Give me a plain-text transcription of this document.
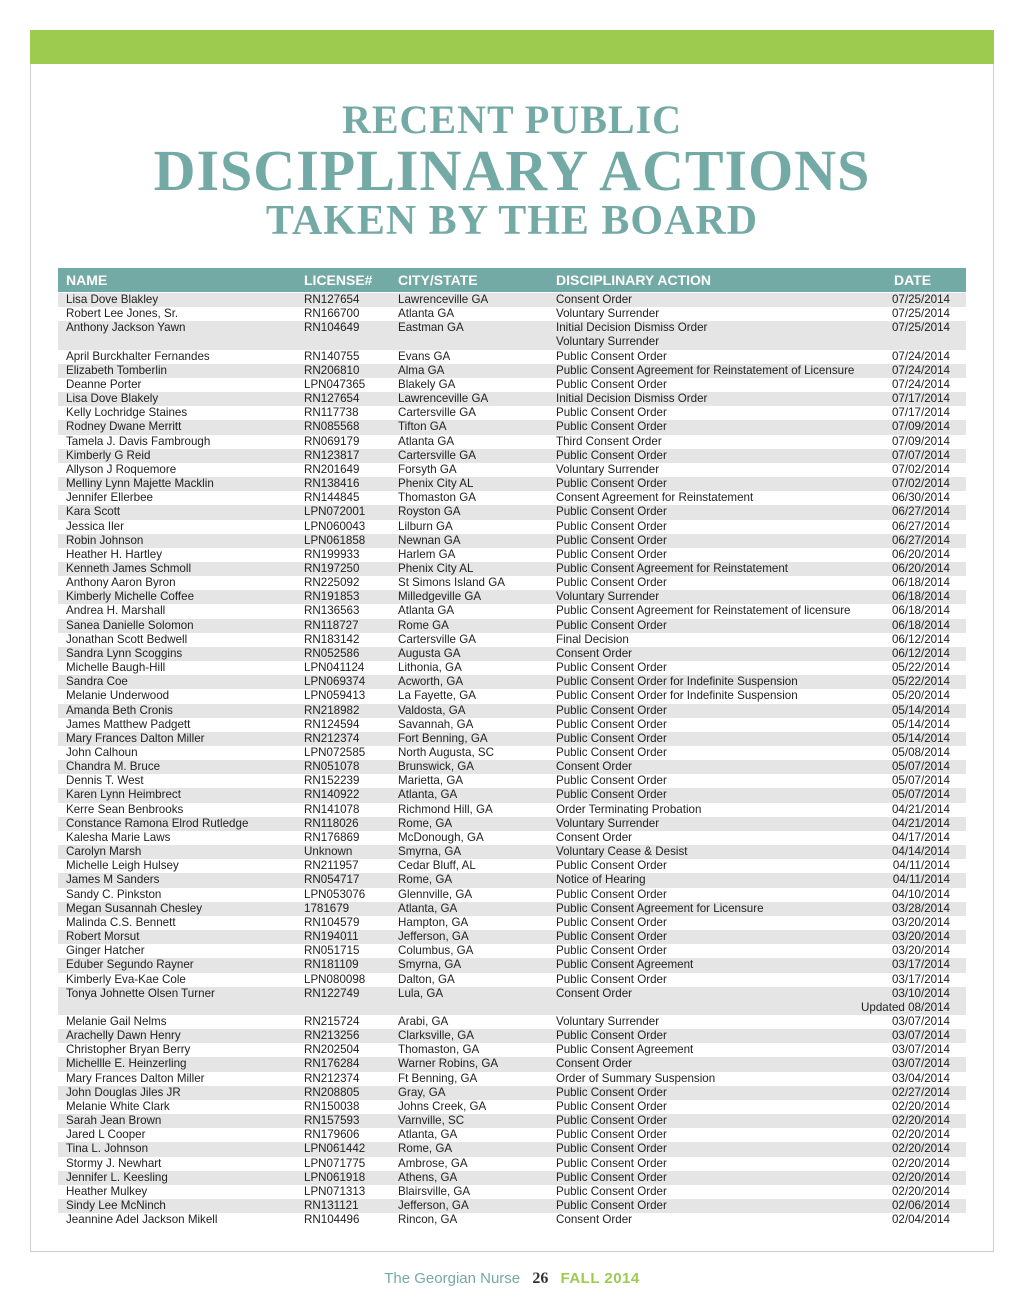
RECENT PUBLIC
DISCIPLINARY ACTIONS
TAKEN BY THE BOARD
NAME	LICENSE# CITY/STATE	DISCIPLINARY ACTION	DATE
Lisa Dove Blakley	RN127654	Lawrenceville GA	Consent Order	07/25/2014
Robert Lee Jones, Sr.	RN166700	Atlanta GA	Voluntary Surrender	07/25/2014
Anthony Jackson Yawn	RN104649	Eastman GA	Initial Decision Dismiss Order	07/25/2014
Voluntary Surrender
April Burckhalter Fernandes	RN140755	Evans GA	Public Consent Order	07/24/2014
Elizabeth Tomberlin	RN206810	Alma GA	Public Consent Agreement for Reinstatement of Licensure	07/24/2014
Deanne Porter	LPN047365	Blakely GA	Public Consent Order	07/24/2014
Lisa Dove Blakely	RN127654	Lawrenceville GA	Initial Decision Dismiss Order	07/17/2014
Kelly Lochridge Staines	RN117738	Cartersville GA	Public Consent Order	07/17/2014
Rodney Dwane Merritt	RN085568	Tifton GA	Public Consent Order	07/09/2014
Tamela J. Davis Fambrough	RN069179	Atlanta GA	Third Consent Order	07/09/2014
Kimberly G Reid	RN123817	Cartersville GA	Public Consent Order	07/07/2014
Allyson J Roquemore	RN201649	Forsyth GA	Voluntary Surrender	07/02/2014
Melliny Lynn Majette Macklin	RN138416	Phenix City AL	Public Consent Order	07/02/2014
Jennifer Ellerbee	RN144845	Thomaston GA	Consent Agreement for Reinstatement	06/30/2014
Kara Scott	LPN072001	Royston GA	Public Consent Order	06/27/2014
Jessica Iler	LPN060043	Lilburn GA	Public Consent Order	06/27/2014
Robin Johnson	LPN061858	Newnan GA	Public Consent Order	06/27/2014
Heather H. Hartley	RN199933	Harlem GA	Public Consent Order	06/20/2014
Kenneth James Schmoll	RN197250	Phenix City AL	Public Consent Agreement for Reinstatement	06/20/2014
Anthony Aaron Byron	RN225092	St Simons Island GA	Public Consent Order	06/18/2014
Kimberly Michelle Coffee	RN191853	Milledgeville GA	Voluntary Surrender	06/18/2014
Andrea H. Marshall	RN136563	Atlanta GA	Public Consent Agreement for Reinstatement of licensure	06/18/2014
Sanea Danielle Solomon	RN118727	Rome GA	Public Consent Order	06/18/2014
Jonathan Scott Bedwell	RN183142	Cartersville GA	Final Decision	06/12/2014
Sandra Lynn Scoggins	RN052586	Augusta GA	Consent Order	06/12/2014
Michelle Baugh-Hill	LPN041124	Lithonia, GA	Public Consent Order	05/22/2014
Sandra Coe	LPN069374	Acworth, GA	Public Consent Order for Indefinite Suspension	05/22/2014
Melanie Underwood	LPN059413	La Fayette, GA	Public Consent Order for Indefinite Suspension	05/20/2014
Amanda Beth Cronis	RN218982	Valdosta, GA	Public Consent Order	05/14/2014
James Matthew Padgett	RN124594	Savannah, GA	Public Consent Order	05/14/2014
Mary Frances Dalton Miller	RN212374	Fort Benning, GA	Public Consent Order	05/14/2014
John Calhoun	LPN072585	North Augusta, SC	Public Consent Order	05/08/2014
Chandra M. Bruce	RN051078	Brunswick, GA	Consent Order	05/07/2014
Dennis T. West	RN152239	Marietta, GA	Public Consent Order	05/07/2014
Karen Lynn Heimbrect	RN140922	Atlanta, GA	Public Consent Order	05/07/2014
Kerre Sean Benbrooks	RN141078	Richmond Hill, GA	Order Terminating Probation	04/21/2014
Constance Ramona Elrod Rutledge	RN118026	Rome, GA	Voluntary Surrender	04/21/2014
Kalesha Marie Laws	RN176869	McDonough, GA	Consent Order	04/17/2014
Carolyn Marsh	Unknown	Smyrna, GA	Voluntary Cease & Desist	04/14/2014
Michelle Leigh Hulsey	RN211957	Cedar Bluff, AL	Public Consent Order	04/11/2014
James M Sanders	RN054717	Rome, GA	Notice of Hearing	04/11/2014
Sandy C. Pinkston	LPN053076	Glennville, GA	Public Consent Order	04/10/2014
Megan Susannah Chesley	1781679	Atlanta, GA	Public Consent Agreement for Licensure	03/28/2014
Malinda C.S. Bennett	RN104579	Hampton, GA	Public Consent Order	03/20/2014
Robert Morsut	RN194011	Jefferson, GA	Public Consent Order	03/20/2014
Ginger Hatcher	RN051715	Columbus, GA	Public Consent Order	03/20/2014
Eduber Segundo Rayner	RN181109	Smyrna, GA	Public Consent Agreement	03/17/2014
Kimberly Eva-Kae Cole	LPN080098	Dalton, GA	Public Consent Order	03/17/2014
Tonya Johnette Olsen Turner	RN122749	Lula, GA	Consent Order	03/10/2014
Updated 08/2014
Melanie Gail Nelms	RN215724	Arabi, GA	Voluntary Surrender	03/07/2014
Arachelly Dawn Henry	RN213256	Clarksville, GA	Public Consent Order	03/07/2014
Christopher Bryan Berry	RN202504	Thomaston, GA	Public Consent Agreement	03/07/2014
Michellle E. Heinzerling	RN176284	Warner Robins, GA	Consent Order	03/07/2014
Mary Frances Dalton Miller	RN212374	Ft Benning, GA	Order of Summary Suspension	03/04/2014
John Douglas Jiles JR	RN208805	Gray, GA	Public Consent Order	02/27/2014
Melanie White Clark	RN150038	Johns Creek, GA	Public Consent Order	02/20/2014
Sarah Jean Brown	RN157593	Varnville, SC	Public Consent Order	02/20/2014
Jared L Cooper	RN179606	Atlanta, GA	Public Consent Order	02/20/2014
Tina L. Johnson	LPN061442	Rome, GA	Public Consent Order	02/20/2014
Stormy J. Newhart	LPN071775	Ambrose, GA	Public Consent Order	02/20/2014
Jennifer L. Keesling	LPN061918	Athens, GA	Public Consent Order	02/20/2014
Heather Mulkey	LPN071313	Blairsville, GA	Public Consent Order	02/20/2014
Sindy Lee McNinch	RN131121	Jefferson, GA	Public Consent Order	02/06/2014
Jeannine Adel Jackson Mikell	RN104496	Rincon, GA	Consent Order	02/04/2014
The Georgian Nurse 26 FALL 2014
